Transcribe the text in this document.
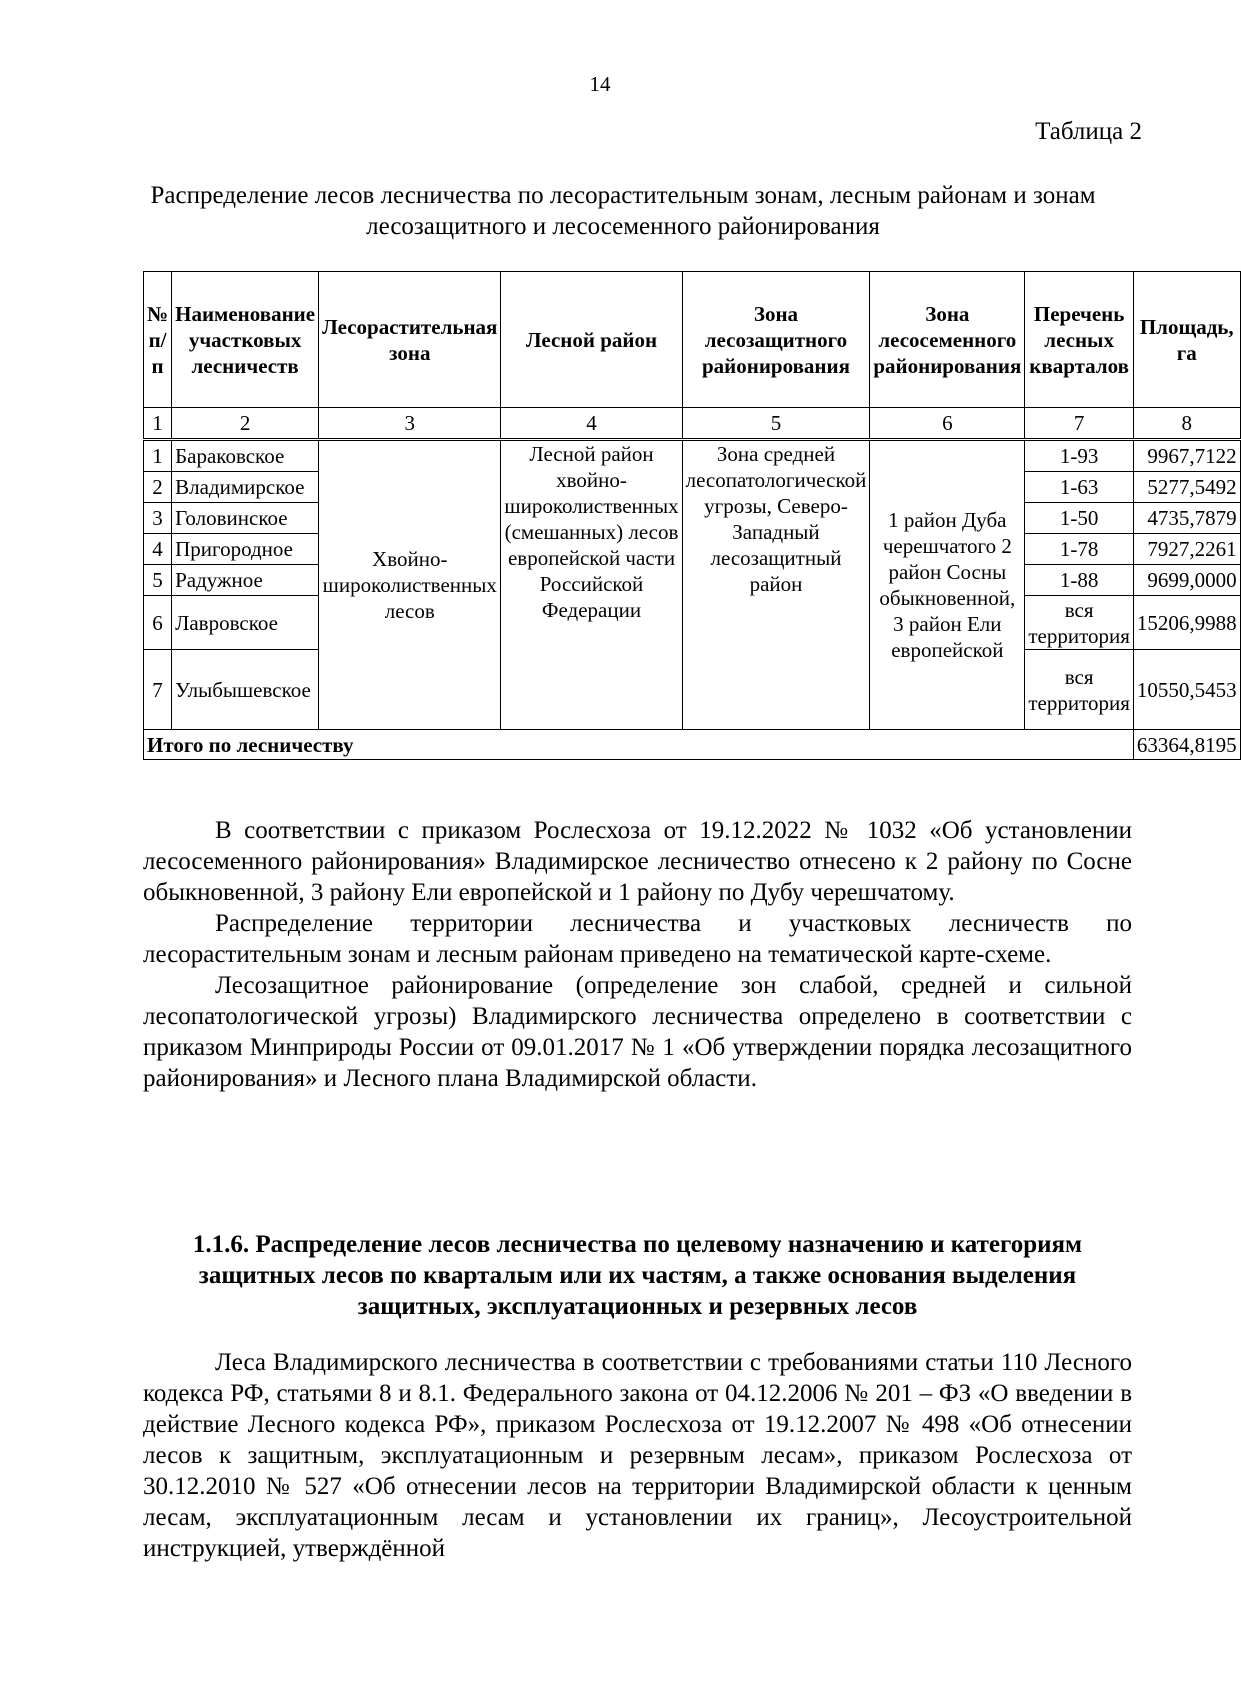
14
Таблица 2
Распределение лесов лесничества по лесорастительным зонам, лесным районам и зонам лесозащитного и лесосеменного районирования
№ п/п	Наименование участковых лесничеств	Лесорастительная зона	Лесной район	Зона лесозащитного районирования	Зона лесосеменного районирования	Перечень лесных кварталов	Площадь, га
1	2	3	4	5	6	7	8
1	Бараковское	Хвойно-широколиственных лесов	Лесной район хвойно-широколиственных (смешанных) лесов европейской части Российской Федерации	Зона средней лесопатологической угрозы, Северо-Западный лесозащитный район	1 район Дуба черешчатого 2 район Сосны обыкновенной, 3 район Ели европейской	1-93	9967,7122
2	Владимирское					1-63	5277,5492
3	Головинское					1-50	4735,7879
4	Пригородное					1-78	7927,2261
5	Радужное					1-88	9699,0000
6	Лавровское					вся территория	15206,9988
7	Улыбышевское					вся территория	10550,5453
Итого по лесничеству							63364,8195

В соответствии с приказом Рослесхоза от 19.12.2022 № 1032 «Об установлении лесосеменного районирования» Владимирское лесничество отнесено к 2 району по Сосне обыкновенной, 3 району Ели европейской и 1 району по Дубу черешчатому.

Распределение территории лесничества и участковых лесничеств по лесорастительным зонам и лесным районам приведено на тематической карте-схеме.

Лесозащитное районирование (определение зон слабой, средней и сильной лесопатологической угрозы) Владимирского лесничества определено в соответствии с приказом Минприроды России от 09.01.2017 № 1 «Об утверждении порядка лесозащитного районирования» и Лесного плана Владимирской области.

1.1.6. Распределение лесов лесничества по целевому назначению и категориям защитных лесов по кварталым или их частям, а также основания выделения защитных, эксплуатационных и резервных лесов

Леса Владимирского лесничества в соответствии с требованиями статьи 110 Лесного кодекса РФ, статьями 8 и 8.1. Федерального закона от 04.12.2006 № 201 – ФЗ «О введении в действие Лесного кодекса РФ», приказом Рослесхоза от 19.12.2007 № 498 «Об отнесении лесов к защитным, эксплуатационным и резервным лесам», приказом Рослесхоза от 30.12.2010 № 527 «Об отнесении лесов на территории Владимирской области к ценным лесам, эксплуатационным лесам и установлении их границ», Лесоустроительной инструкцией, утверждённой
